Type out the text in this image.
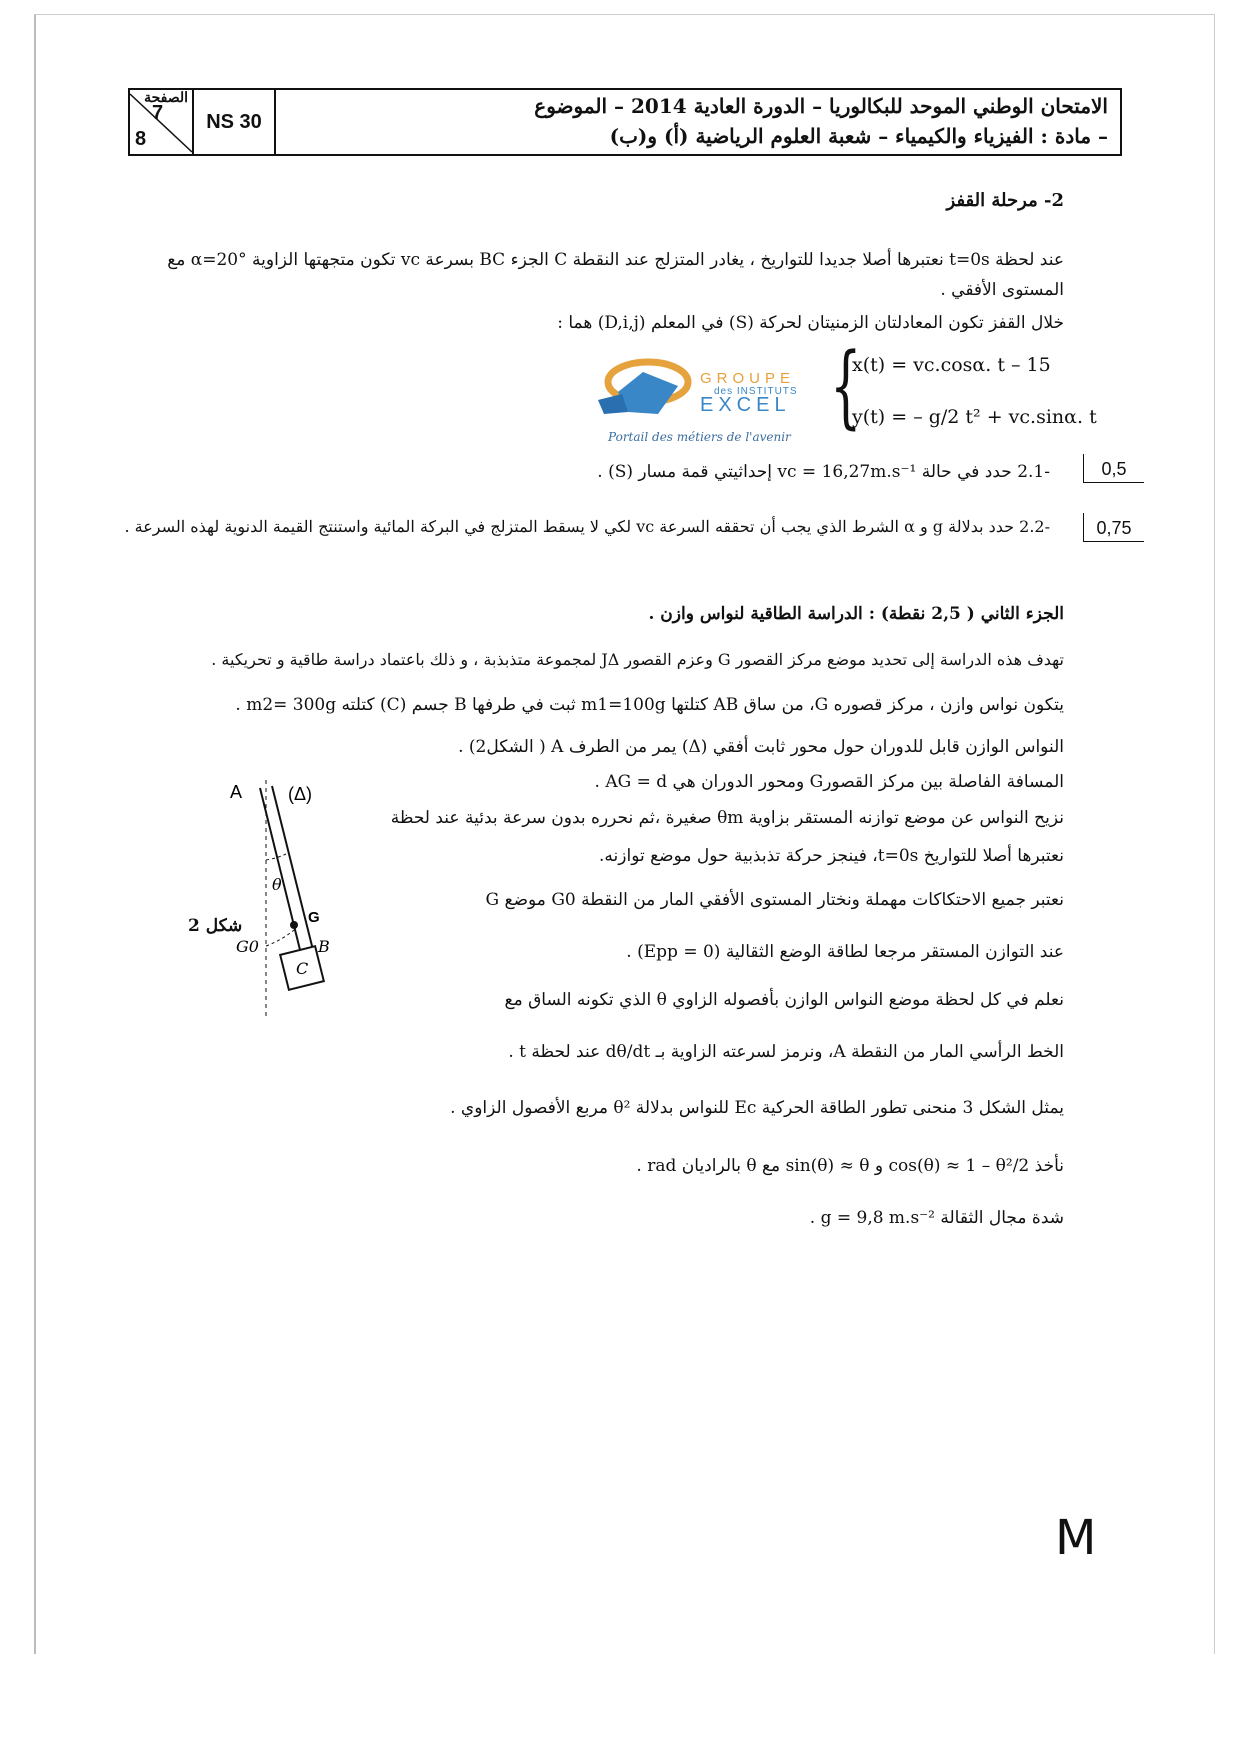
الصفحة
7
8
NS 30
الامتحان الوطني الموحد للبكالوريا – الدورة العادية 2014 – الموضوع
– مادة : الفيزياء والكيمياء – شعبة العلوم الرياضية (أ) و(ب)
2- مرحلة القفز
عند لحظة t=0s نعتبرها أصلا جديدا للتواريخ ، يغادر المتزلج عند النقطة C الجزء BC بسرعة vc تكون متجهتها الزاوية α=20° مع
المستوى الأفقي .
خلال القفز تكون المعادلتان الزمنيتان لحركة (S) في المعلم (D,i,j) هما :
GROUPE
des INSTITUTS
EXCEL
Portail des métiers de l'avenir {
x(t) = vc.cosα. t – 15
y(t) = – g/2 t² + vc.sinα. t
-2.1 حدد في حالة vc = 16,27m.s⁻¹ إحداثيتي قمة مسار (S) .	0,5
-2.2 حدد بدلالة g و α الشرط الذي يجب أن تحققه السرعة vc لكي لا يسقط المتزلج في البركة المائية واستنتج القيمة الدنوية لهذه السرعة .	0,75
الجزء الثاني ( 2,5 نقطة) : الدراسة الطاقية لنواس وازن .
تهدف هذه الدراسة إلى تحديد موضع مركز القصور G وعزم القصور JΔ لمجموعة متذبذبة ، و ذلك باعتماد دراسة طاقية و تحريكية .
يتكون نواس وازن ، مركز قصوره G، من ساق AB كتلتها m1=100g ثبت في طرفها B جسم (C) كتلته m2= 300g .
النواس الوازن قابل للدوران حول محور ثابت أفقي (Δ) يمر من الطرف A ( الشكل2) .
المسافة الفاصلة بين مركز القصورG ومحور الدوران هي AG = d .
نزيح النواس عن موضع توازنه المستقر بزاوية θm صغيرة ،ثم نحرره بدون سرعة بدئية عند لحظة
نعتبرها أصلا للتواريخ t=0s، فينجز حركة تذبذبية حول موضع توازنه.
نعتبر جميع الاحتكاكات مهملة ونختار المستوى الأفقي المار من النقطة G0 موضع G
عند التوازن المستقر مرجعا لطاقة الوضع الثقالية (Epp = 0) .
نعلم في كل لحظة موضع النواس الوازن بأفصوله الزاوي θ الذي تكونه الساق مع
الخط الرأسي المار من النقطة A، ونرمز لسرعته الزاوية بـ dθ/dt عند لحظة t .
يمثل الشكل 3 منحنى تطور الطاقة الحركية Ec للنواس بدلالة θ² مربع الأفصول الزاوي .
نأخذ cos(θ) ≈ 1 – θ²/2 و sin(θ) ≈ θ مع θ بالراديان rad .
شدة مجال الثقالة g = 9,8 m.s⁻² .
A	(Δ)
θ
G
G0	B
C
شكل 2
M
